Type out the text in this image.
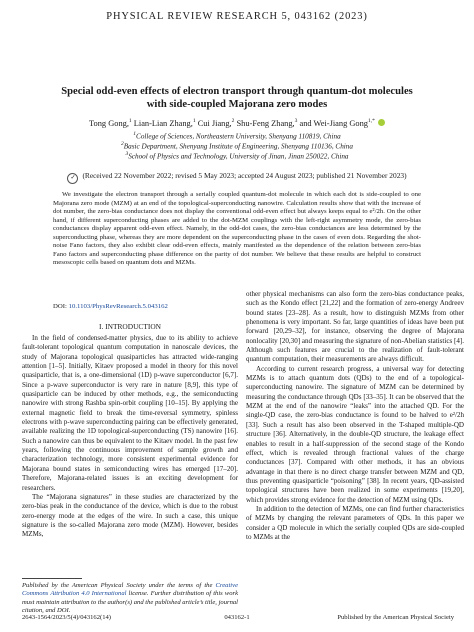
PHYSICAL REVIEW RESEARCH 5, 043162 (2023)
Special odd-even effects of electron transport through quantum-dot molecules
with side-coupled Majorana zero modes
Tong Gong,$^1$ Lian-Lian Zhang,$^1$ Cui Jiang,$^2$ Shu-Feng Zhang,$^3$ and Wei-Jiang Gong$^{1,*}$
$^1$College of Sciences, Northeastern University, Shenyang 110819, China
$^2$Basic Department, Shenyang Institute of Engineering, Shenyang 110136, China
$^3$School of Physics and Technology, University of Jinan, Jinan 250022, China
✓ (Received 22 November 2022; revised 5 May 2023; accepted 24 August 2023; published 21 November 2023)

We investigate the electron transport through a serially coupled quantum-dot molecule in which each dot is side-coupled to one Majorana zero mode (MZM) at an end of the topological-superconducting nanowire. Calculation results show that with the increase of dot number, the zero-bias conductance does not display the conventional odd-even effect but always keeps equal to e²/2h. On the other hand, if different superconducting phases are added to the dot-MZM couplings with the left-right asymmetry mode, the zero-bias conductances display apparent odd-even effect. Namely, in the odd-dot cases, the zero-bias conductances are less determined by the superconducting phase, whereas they are more dependent on the superconducting phase in the cases of even dots. Regarding the shot-noise Fano factors, they also exhibit clear odd-even effects, mainly manifested as the dependence of the relation between zero-bias Fano factors and superconducting phase difference on the parity of dot number. We believe that these results are helpful to construct mesoscopic cells based on quantum dots and MZMs.

DOI: 10.1103/PhysRevResearch.5.043162
I. INTRODUCTION

In the field of condensed-matter physics, due to its ability to achieve fault-tolerant topological quantum computation in nanoscale devices, the study of Majorana topological quasiparticles has attracted wide-ranging attention [1–5]. Initially, Kitaev proposed a model in theory for this novel quasiparticle, that is, a one-dimensional (1D) p-wave superconductor [6,7]. Since a p-wave superconductor is very rare in nature [8,9], this type of quasiparticle can be induced by other methods, e.g., the semiconducting nanowire with strong Rashba spin-orbit coupling [10–15]. By applying the external magnetic field to break the time-reversal symmetry, spinless electrons with p-wave superconducting pairing can be effectively generated, available realizing the 1D topological-superconducting (TS) nanowire [16]. Such a nanowire can thus be equivalent to the Kitaev model. In the past few years, following the continuous improvement of sample growth and characterization technology, more consistent experimental evidence for Majorana bound states in semiconducting wires has emerged [17–20]. Therefore, Majorana-related issues is an exciting development for researchers.

The “Majorana signatures” in these studies are characterized by the zero-bias peak in the conductance of the device, which is due to the robust zero-energy mode at the edges of the wire. In such a case, this unique signature is the so-called Majorana zero mode (MZM). However, besides MZMs,

other physical mechanisms can also form the zero-bias conductance peaks, such as the Kondo effect [21,22] and the formation of zero-energy Andreev bound states [23–28]. As a result, how to distinguish MZMs from other phenomena is very important. So far, large quantities of ideas have been put forward [20,29–32], for instance, observing the degree of Majorana nonlocality [20,30] and measuring the signature of non-Abelian statistics [4]. Although such features are crucial to the realization of fault-tolerant quantum computation, their measurements are always difficult.

According to current research progress, a universal way for detecting MZMs is to attach quantum dots (QDs) to the end of a topological-superconducting nanowire. The signature of MZM can be determined by measuring the conductance through QDs [33–35]. It can be observed that the MZM at the end of the nanowire “leaks” into the attached QD. For the single-QD case, the zero-bias conductance is found to be halved to e²/2h [33]. Such a result has also been observed in the T-shaped multiple-QD structure [36]. Alternatively, in the double-QD structure, the leakage effect enables to result in a half-suppression of the second stage of the Kondo effect, which is revealed through fractional values of the charge conductances [37]. Compared with other methods, it has an obvious advantage in that there is no direct charge transfer between MZM and QD, thus preventing quasiparticle “poisoning” [38]. In recent years, QD-assisted topological structures have been realized in some experiments [19,20], which provides strong evidence for the detection of MZM using QDs.

In addition to the detection of MZMs, one can find further characteristics of MZMs by changing the relevant parameters of QDs. In this paper we consider a QD molecule in which the serially coupled QDs are side-coupled to MZMs at the

Published by the American Physical Society under the terms of the Creative Commons Attribution 4.0 International license. Further distribution of this work must maintain attribution to the author(s) and the published article’s title, journal citation, and DOI.
2643-1564/2023/5(4)/043162(14)	043162-1	Published by the American Physical Society
